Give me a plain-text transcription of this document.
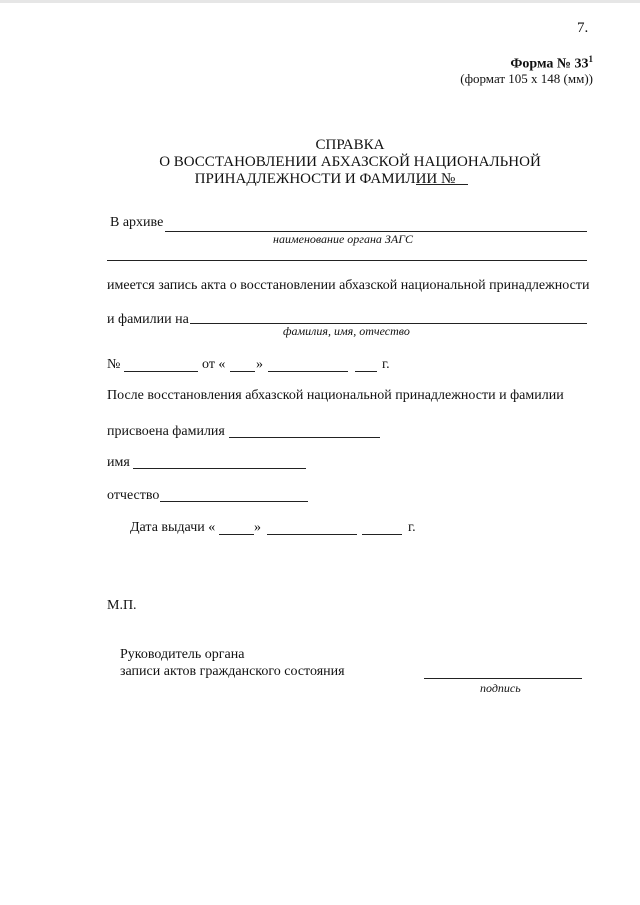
7.
Форма № $33^1$
(формат 105 х 148 (мм))
СПРАВКА
О ВОССТАНОВЛЕНИИ АБХАЗСКОЙ НАЦИОНАЛЬНОЙ
ПРИНАДЛЕЖНОСТИ И ФАМИЛИИ №
В архиве
наименование органа ЗАГС
имеется запись акта о восстановлении абхазской национальной принадлежности
и фамилии на
фамилия, имя, отчество
№	от « »	г.
После восстановления абхазской национальной принадлежности и фамилии
присвоена фамилия
имя
отчество
Дата выдачи «	»	г.
М.П.
Руководитель органа
записи актов гражданского состояния
подпись
